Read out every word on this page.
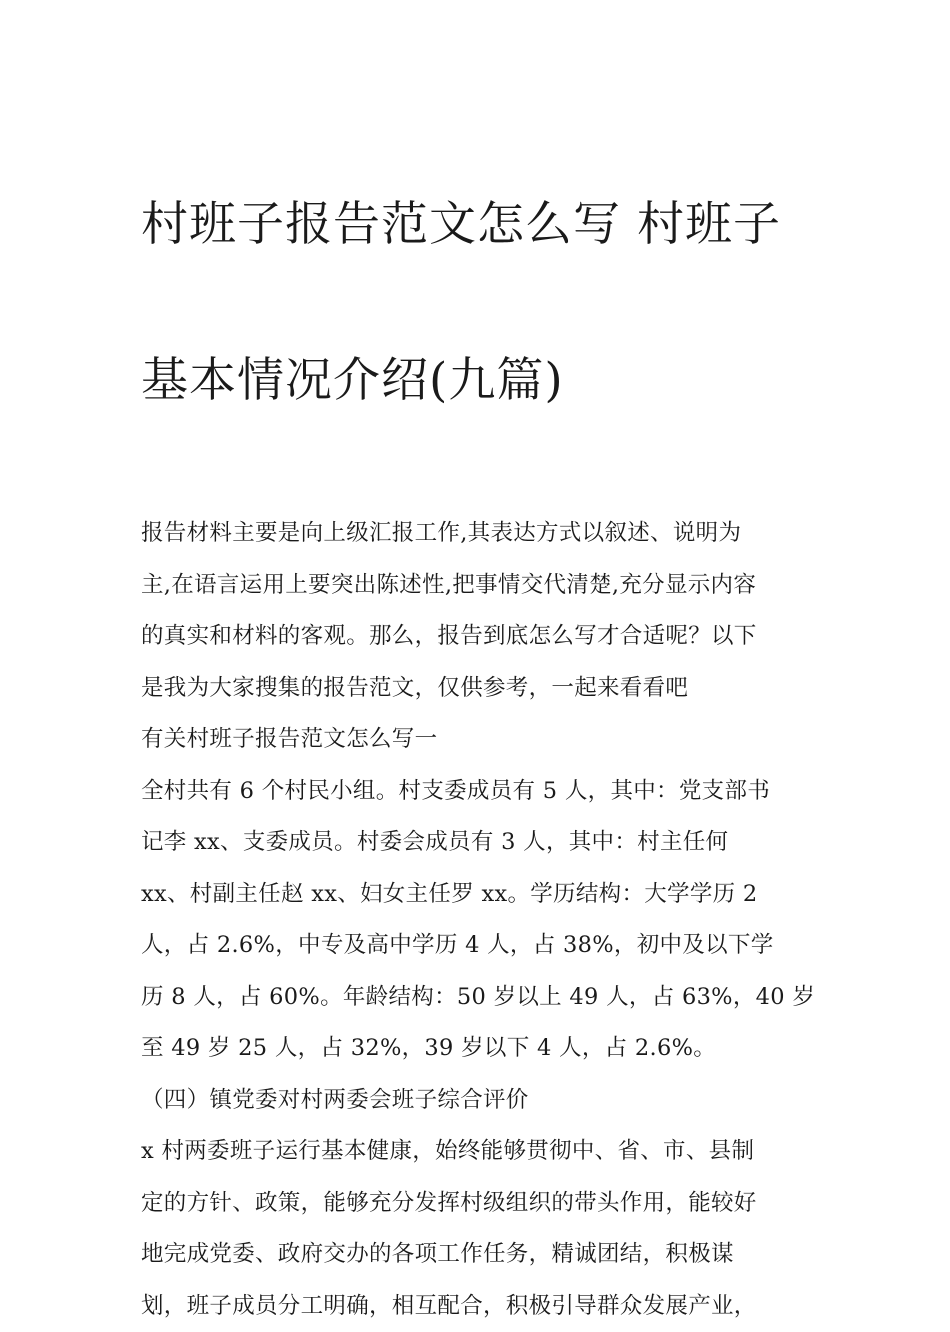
村班子报告范文怎么写 村班子

基本情况介绍(九篇)

报告材料主要是向上级汇报工作,其表达方式以叙述、说明为
主,在语言运用上要突出陈述性,把事情交代清楚,充分显示内容
的真实和材料的客观。那么，报告到底怎么写才合适呢？以下
是我为大家搜集的报告范文，仅供参考，一起来看看吧

有关村班子报告范文怎么写一

全村共有 6 个村民小组。村支委成员有 5 人，其中：党支部书
记李 xx、支委成员。村委会成员有 3 人，其中：村主任何
xx、村副主任赵 xx、妇女主任罗 xx。学历结构：大学学历 2
人，占 2.6%，中专及高中学历 4 人，占 38%，初中及以下学
历 8 人，占 60%。年龄结构：50 岁以上 49 人，占 63%，40 岁
至 49 岁 25 人，占 32%，39 岁以下 4 人，占 2.6%。

（四）镇党委对村两委会班子综合评价

x 村两委班子运行基本健康，始终能够贯彻中、省、市、县制
定的方针、政策，能够充分发挥村级组织的带头作用，能较好
地完成党委、政府交办的各项工作任务，精诚团结，积极谋
划，班子成员分工明确，相互配合，积极引导群众发展产业，
